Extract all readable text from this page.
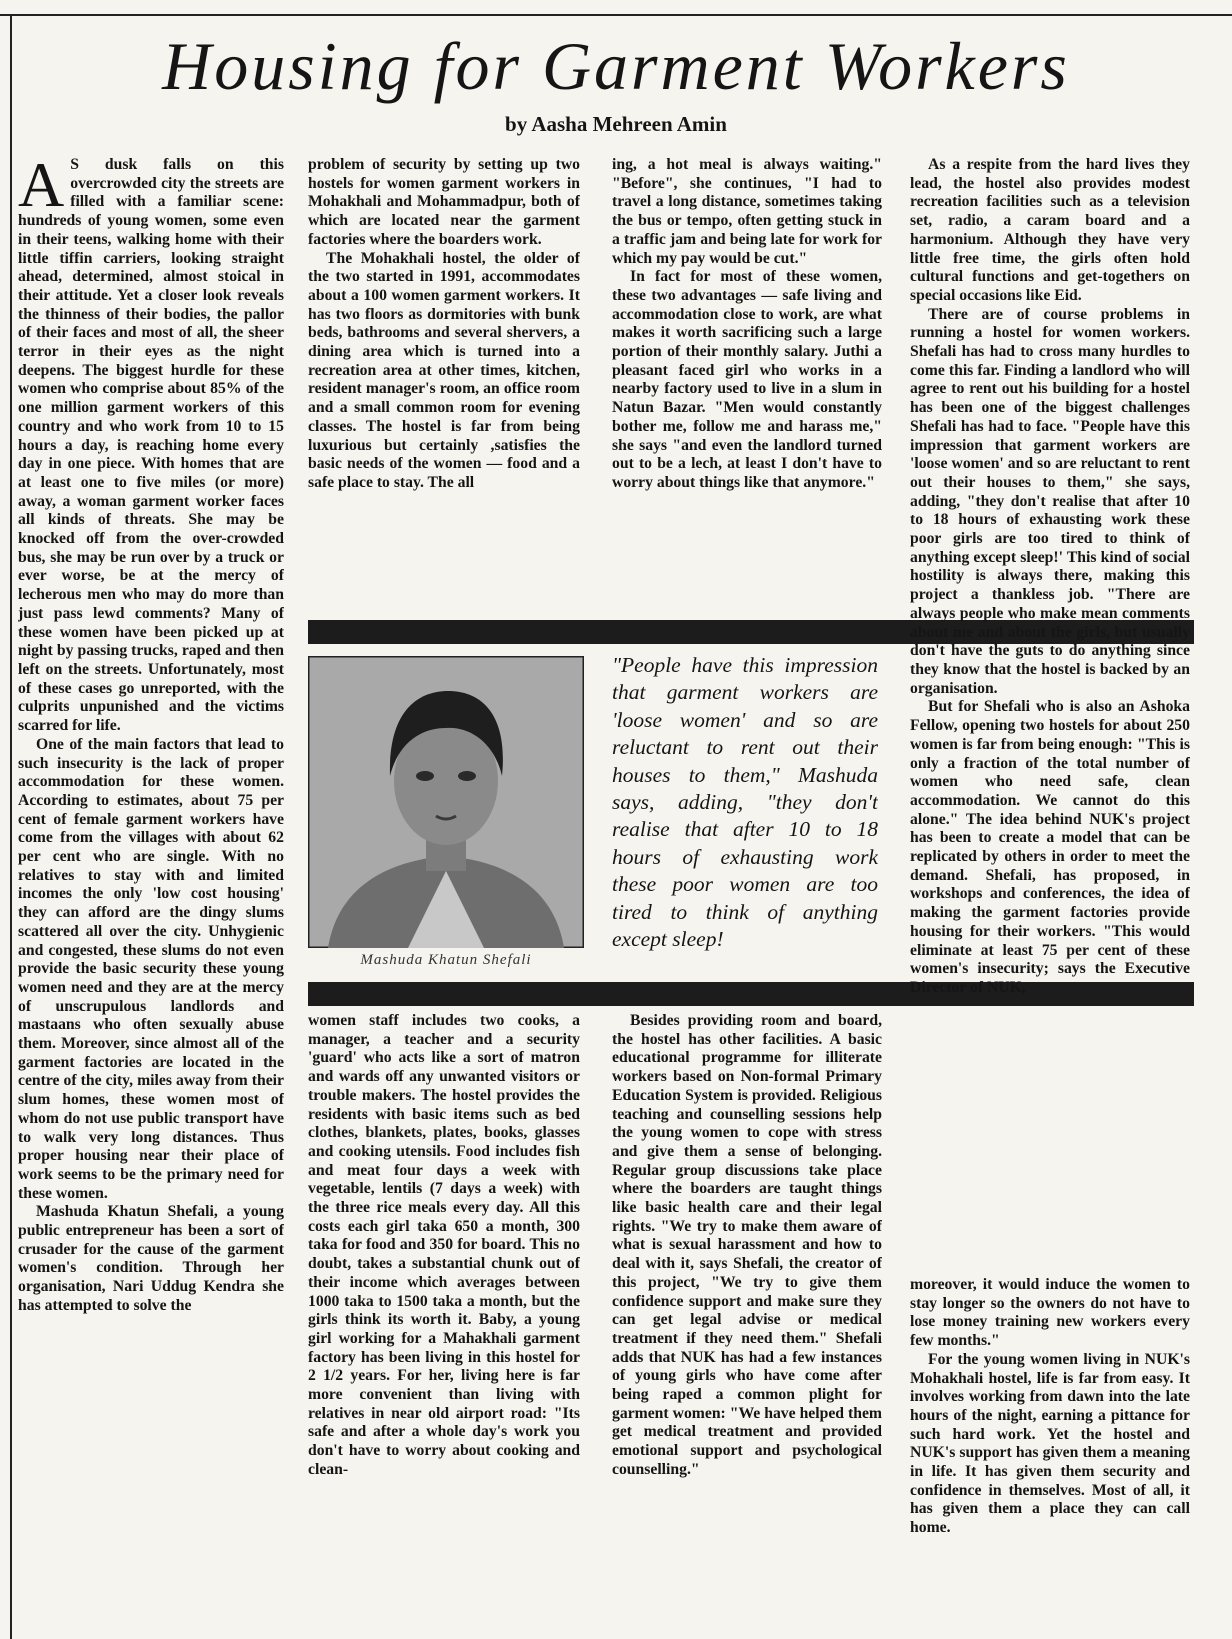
Housing for Garment Workers
by Aasha Mehreen Amin

A S dusk falls on this overcrowded city the streets are filled with a familiar scene: hundreds of young women, some even in their teens, walking home with their little tiffin carriers, looking straight ahead, determined, almost stoical in their attitude. Yet a closer look reveals the thinness of their bodies, the pallor of their faces and most of all, the sheer terror in their eyes as the night deepens. The biggest hurdle for these women who comprise about 85% of the one million garment workers of this country and who work from 10 to 15 hours a day, is reaching home every day in one piece. With homes that are at least one to five miles (or more) away, a woman garment worker faces all kinds of threats. She may be knocked off from the over-crowded bus, she may be run over by a truck or ever worse, be at the mercy of lecherous men who may do more than just pass lewd comments? Many of these women have been picked up at night by passing trucks, raped and then left on the streets. Unfortunately, most of these cases go unreported, with the culprits unpunished and the victims scarred for life.

One of the main factors that lead to such insecurity is the lack of proper accommodation for these women. According to estimates, about 75 per cent of female garment workers have come from the villages with about 62 per cent who are single. With no relatives to stay with and limited incomes the only 'low cost housing' they can afford are the dingy slums scattered all over the city. Unhygienic and congested, these slums do not even provide the basic security these young women need and they are at the mercy of unscrupulous landlords and mastaans who often sexually abuse them. Moreover, since almost all of the garment factories are located in the centre of the city, miles away from their slum homes, these women most of whom do not use public transport have to walk very long distances. Thus proper housing near their place of work seems to be the primary need for these women.

Mashuda Khatun Shefali, a young public entrepreneur has been a sort of crusader for the cause of the garment women's condition. Through her organisation, Nari Uddug Kendra she has attempted to solve the

problem of security by setting up two hostels for women garment workers in Mohakhali and Mohammadpur, both of which are located near the garment factories where the boarders work.

The Mohakhali hostel, the older of the two started in 1991, accommodates about a 100 women garment workers. It has two floors as dormitories with bunk beds, bathrooms and several shervers, a dining area which is turned into a recreation area at other times, kitchen, resident manager's room, an office room and a small common room for evening classes. The hostel is far from being luxurious but certainly ,satisfies the basic needs of the women — food and a safe place to stay. The all

ing, a hot meal is always waiting." "Before", she continues, "I had to travel a long distance, sometimes taking the bus or tempo, often getting stuck in a traffic jam and being late for work for which my pay would be cut."

In fact for most of these women, these two advantages — safe living and accommodation close to work, are what makes it worth sacrificing such a large portion of their monthly salary. Juthi a pleasant faced girl who works in a nearby factory used to live in a slum in Natun Bazar. "Men would constantly bother me, follow me and harass me," she says "and even the landlord turned out to be a lech, at least I don't have to worry about things like that anymore."

Mashuda Khatun Shefali

"People have this impression that garment workers are 'loose women' and so are reluctant to rent out their houses to them," Mashuda says, adding, "they don't realise that after 10 to 18 hours of exhausting work these poor women are too tired to think of anything except sleep!

women staff includes two cooks, a manager, a teacher and a security 'guard' who acts like a sort of matron and wards off any unwanted visitors or trouble makers. The hostel provides the residents with basic items such as bed clothes, blankets, plates, books, glasses and cooking utensils. Food includes fish and meat four days a week with vegetable, lentils (7 days a week) with the three rice meals every day. All this costs each girl taka 650 a month, 300 taka for food and 350 for board. This no doubt, takes a substantial chunk out of their income which averages between 1000 taka to 1500 taka a month, but the girls think its worth it. Baby, a young girl working for a Mahakhali garment factory has been living in this hostel for 2 1/2 years. For her, living here is far more convenient than living with relatives in near old airport road: "Its safe and after a whole day's work you don't have to worry about cooking and clean-

Besides providing room and board, the hostel has other facilities. A basic educational programme for illiterate workers based on Non-formal Primary Education System is provided. Religious teaching and counselling sessions help the young women to cope with stress and give them a sense of belonging. Regular group discussions take place where the boarders are taught things like basic health care and their legal rights. "We try to make them aware of what is sexual harassment and how to deal with it, says Shefali, the creator of this project, "We try to give them confidence support and make sure they can get legal advise or medical treatment if they need them." Shefali adds that NUK has had a few instances of young girls who have come after being raped a common plight for garment women: "We have helped them get medical treatment and provided emotional support and psychological counselling."

As a respite from the hard lives they lead, the hostel also provides modest recreation facilities such as a television set, radio, a caram board and a harmonium. Although they have very little free time, the girls often hold cultural functions and get-togethers on special occasions like Eid.

There are of course problems in running a hostel for women workers. Shefali has had to cross many hurdles to come this far. Finding a landlord who will agree to rent out his building for a hostel has been one of the biggest challenges Shefali has had to face. "People have this impression that garment workers are 'loose women' and so are reluctant to rent out their houses to them," she says, adding, "they don't realise that after 10 to 18 hours of exhausting work these poor girls are too tired to think of anything except sleep!' This kind of social hostility is always there, making this project a thankless job. "There are always people who make mean comments about me and about the girls, but usually don't have the guts to do anything since they know that the hostel is backed by an organisation.

But for Shefali who is also an Ashoka Fellow, opening two hostels for about 250 women is far from being enough: "This is only a fraction of the total number of women who need safe, clean accommodation. We cannot do this alone." The idea behind NUK's project has been to create a model that can be replicated by others in order to meet the demand. Shefali, has proposed, in workshops and conferences, the idea of making the garment factories provide housing for their workers. "This would eliminate at least 75 per cent of these women's insecurity; says the Executive Director of NUK,

moreover, it would induce the women to stay longer so the owners do not have to lose money training new workers every few months."

For the young women living in NUK's Mohakhali hostel, life is far from easy. It involves working from dawn into the late hours of the night, earning a pittance for such hard work. Yet the hostel and NUK's support has given them a meaning in life. It has given them security and confidence in themselves. Most of all, it has given them a place they can call home.
